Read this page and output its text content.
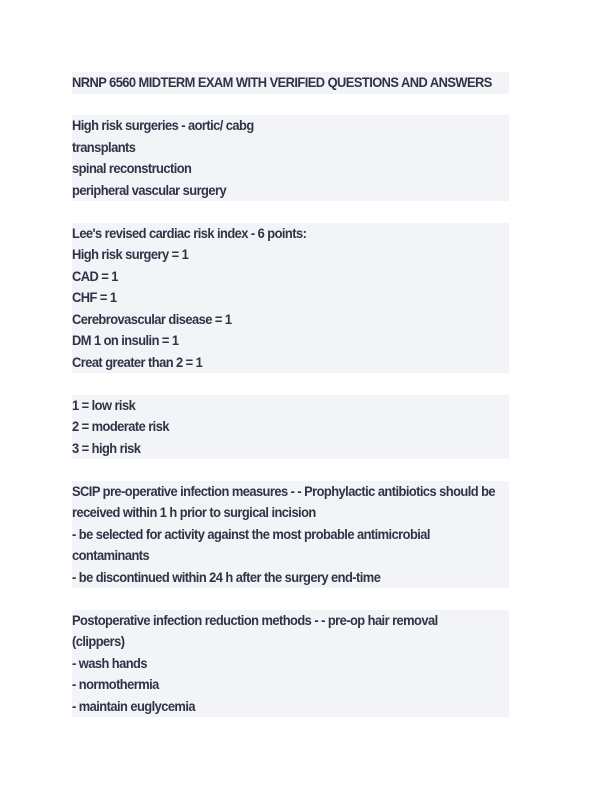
NRNP 6560 MIDTERM EXAM WITH VERIFIED QUESTIONS AND ANSWERS
High risk surgeries - aortic/ cabg
transplants
spinal reconstruction
peripheral vascular surgery
Lee's revised cardiac risk index - 6 points:
High risk surgery = 1
CAD = 1
CHF = 1
Cerebrovascular disease = 1
DM 1 on insulin = 1
Creat greater than 2 = 1
1 = low risk
2 = moderate risk
3 = high risk
SCIP pre-operative infection measures - - Prophylactic antibiotics should be
received within 1 h prior to surgical incision
- be selected for activity against the most probable antimicrobial
contaminants
- be discontinued within 24 h after the surgery end-time
Postoperative infection reduction methods - - pre-op hair removal
(clippers)
- wash hands
- normothermia
- maintain euglycemia
